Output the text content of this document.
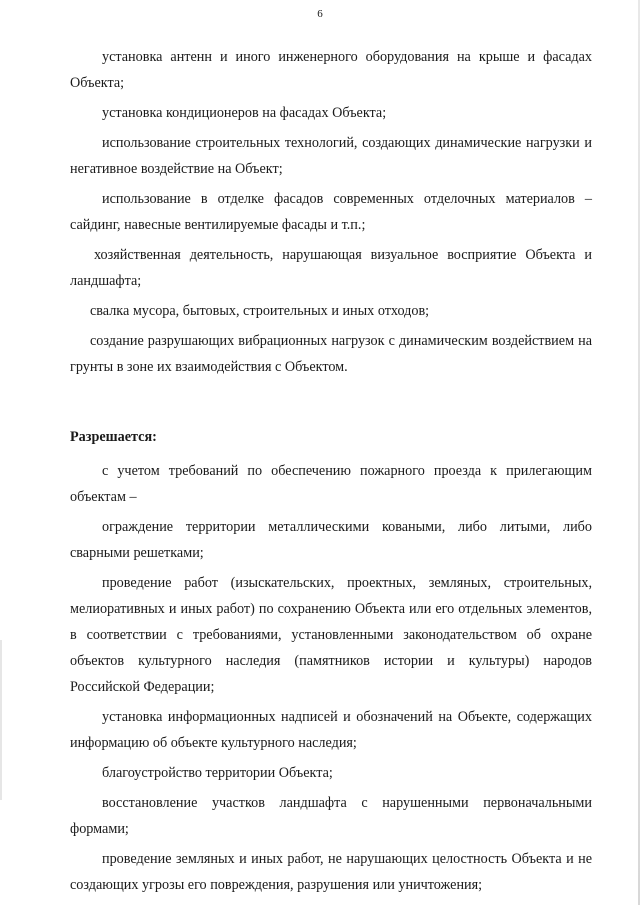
6

установка антенн и иного инженерного оборудования на крыше и фасадах Объекта;

установка кондиционеров на фасадах Объекта;

использование строительных технологий, создающих динамические нагрузки и негативное воздействие на Объект;

использование в отделке фасадов современных отделочных материалов – сайдинг, навесные вентилируемые фасады и т.п.;

хозяйственная деятельность, нарушающая визуальное восприятие Объекта и ландшафта;

свалка мусора, бытовых, строительных и иных отходов;

создание разрушающих вибрационных нагрузок с динамическим воздействием на грунты в зоне их взаимодействия с Объектом.

Разрешается:

с учетом требований по обеспечению пожарного проезда к прилегающим объектам –

ограждение территории металлическими коваными, либо литыми, либо сварными решетками;

проведение работ (изыскательских, проектных, земляных, строительных, мелиоративных и иных работ) по сохранению Объекта или его отдельных элементов, в соответствии с требованиями, установленными законодательством об охране объектов культурного наследия (памятников истории и культуры) народов Российской Федерации;

установка информационных надписей и обозначений на Объекте, содержащих информацию об объекте культурного наследия;

благоустройство территории Объекта;

восстановление участков ландшафта с нарушенными первоначальными формами;

проведение земляных и иных работ, не нарушающих целостность Объекта и не создающих угрозы его повреждения, разрушения или уничтожения;
